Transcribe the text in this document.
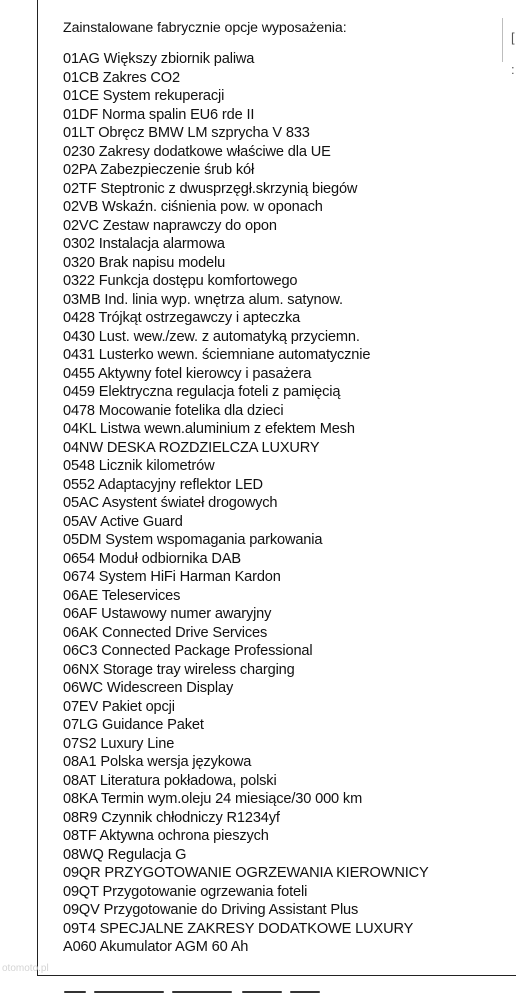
[
:
Zainstalowane fabrycznie opcje wyposażenia:
01AG Większy zbiornik paliwa
01CB Zakres CO2
01CE System rekuperacji
01DF Norma spalin EU6 rde II
01LT Obręcz BMW LM szprycha V 833
0230 Zakresy dodatkowe właściwe dla UE
02PA Zabezpieczenie śrub kół
02TF Steptronic z dwusprzęgł.skrzynią biegów
02VB Wskaźn. ciśnienia pow. w oponach
02VC Zestaw naprawczy do opon
0302 Instalacja alarmowa
0320 Brak napisu modelu
0322 Funkcja dostępu komfortowego
03MB Ind. linia wyp. wnętrza alum. satynow.
0428 Trójkąt ostrzegawczy i apteczka
0430 Lust. wew./zew. z automatyką przyciemn.
0431 Lusterko wewn. ściemniane automatycznie
0455 Aktywny fotel kierowcy i pasażera
0459 Elektryczna regulacja foteli z pamięcią
0478 Mocowanie fotelika dla dzieci
04KL Listwa wewn.aluminium z efektem Mesh
04NW DESKA ROZDZIELCZA LUXURY
0548 Licznik kilometrów
0552 Adaptacyjny reflektor LED
05AC Asystent świateł drogowych
05AV Active Guard
05DM System wspomagania parkowania
0654 Moduł odbiornika DAB
0674 System HiFi Harman Kardon
06AE Teleservices
06AF Ustawowy numer awaryjny
06AK Connected Drive Services
06C3 Connected Package Professional
06NX Storage tray wireless charging
06WC Widescreen Display
07EV Pakiet opcji
07LG Guidance Paket
07S2 Luxury Line
08A1 Polska wersja językowa
08AT Literatura pokładowa, polski
08KA Termin wym.oleju 24 miesiące/30 000 km
08R9 Czynnik chłodniczy R1234yf
08TF Aktywna ochrona pieszych
08WQ Regulacja G
09QR PRZYGOTOWANIE OGRZEWANIA KIEROWNICY
09QT Przygotowanie ogrzewania foteli
09QV Przygotowanie do Driving Assistant Plus
09T4 SPECJALNE ZAKRESY DODATKOWE LUXURY
A060 Akumulator AGM 60 Ah
otomoto.pl
